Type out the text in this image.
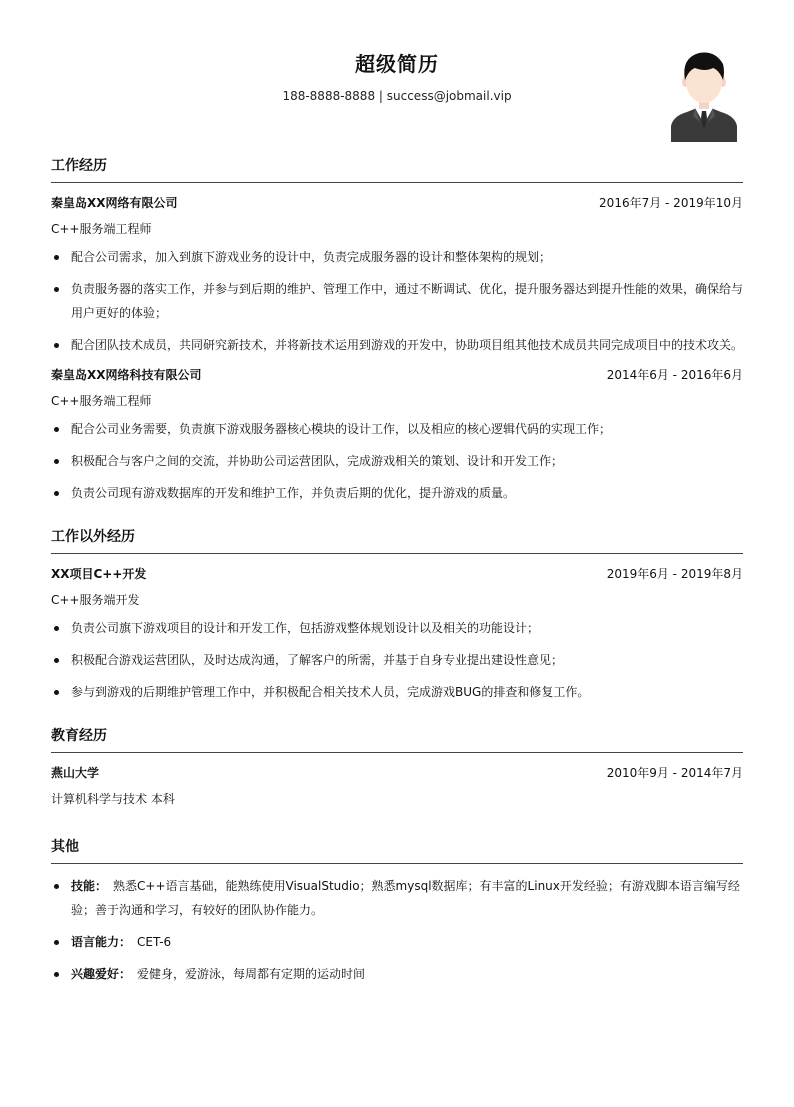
超级简历
188-8888-8888 | success@jobmail.vip
工作经历
秦皇岛XX网络有限公司	2016年7月 - 2019年10月
C++服务端工程师
配合公司需求，加入到旗下游戏业务的设计中，负责完成服务器的设计和整体架构的规划；
负责服务器的落实工作，并参与到后期的维护、管理工作中，通过不断调试、优化，提升服务器达到提升性能的效果，确保给与用户更好的体验；
配合团队技术成员，共同研究新技术，并将新技术运用到游戏的开发中，协助项目组其他技术成员共同完成项目中的技术攻关。
秦皇岛XX网络科技有限公司	2014年6月 - 2016年6月
C++服务端工程师
配合公司业务需要，负责旗下游戏服务器核心模块的设计工作，以及相应的核心逻辑代码的实现工作；
积极配合与客户之间的交流，并协助公司运营团队，完成游戏相关的策划、设计和开发工作；
负责公司现有游戏数据库的开发和维护工作，并负责后期的优化，提升游戏的质量。
工作以外经历
XX项目C++开发	2019年6月 - 2019年8月
C++服务端开发
负责公司旗下游戏项目的设计和开发工作，包括游戏整体规划设计以及相关的功能设计；
积极配合游戏运营团队，及时达成沟通，了解客户的所需，并基于自身专业提出建设性意见；
参与到游戏的后期维护管理工作中，并积极配合相关技术人员，完成游戏BUG的排查和修复工作。
教育经历
燕山大学	2010年9月 - 2014年7月
计算机科学与技术 本科
其他
技能： 熟悉C++语言基础，能熟练使用VisualStudio；熟悉mysql数据库；有丰富的Linux开发经验；有游戏脚本语言编写经验；善于沟通和学习，有较好的团队协作能力。
语言能力： CET-6
兴趣爱好： 爱健身，爱游泳，每周都有定期的运动时间
